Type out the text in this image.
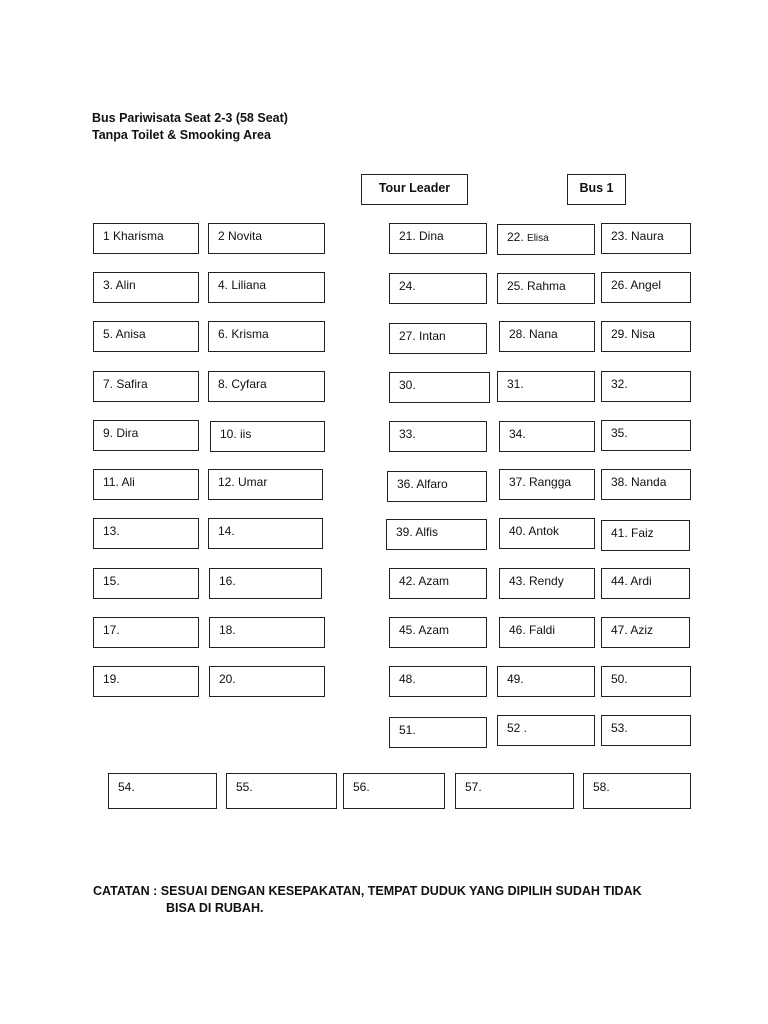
Bus Pariwisata Seat 2-3 (58 Seat)
Tanpa Toilet & Smooking Area
Tour Leader	Bus 1
1 Kharisma	2 Novita
3. Alin	4. Liliana
5. Anisa	6. Krisma
7. Safira	8. Cyfara
9. Dira	10. iis
11. Ali	12. Umar
13.	14.
15.	16.
17.	18.
19.	20.
21. Dina	22. Elisa	23. Naura
24.	25. Rahma	26. Angel
27. Intan	28. Nana	29. Nisa
30.	31.	32.
33.	34.	35.
36. Alfaro	37. Rangga	38. Nanda
39. Alfis	40. Antok	41. Faiz
42. Azam	43. Rendy	44. Ardi
45. Azam	46. Faldi	47. Aziz
48.	49.	50.
51.	52 .	53.
54.	55.	56.	57.	58.
CATATAN : SESUAI DENGAN KESEPAKATAN, TEMPAT DUDUK YANG DIPILIH SUDAH TIDAK
BISA DI RUBAH.
